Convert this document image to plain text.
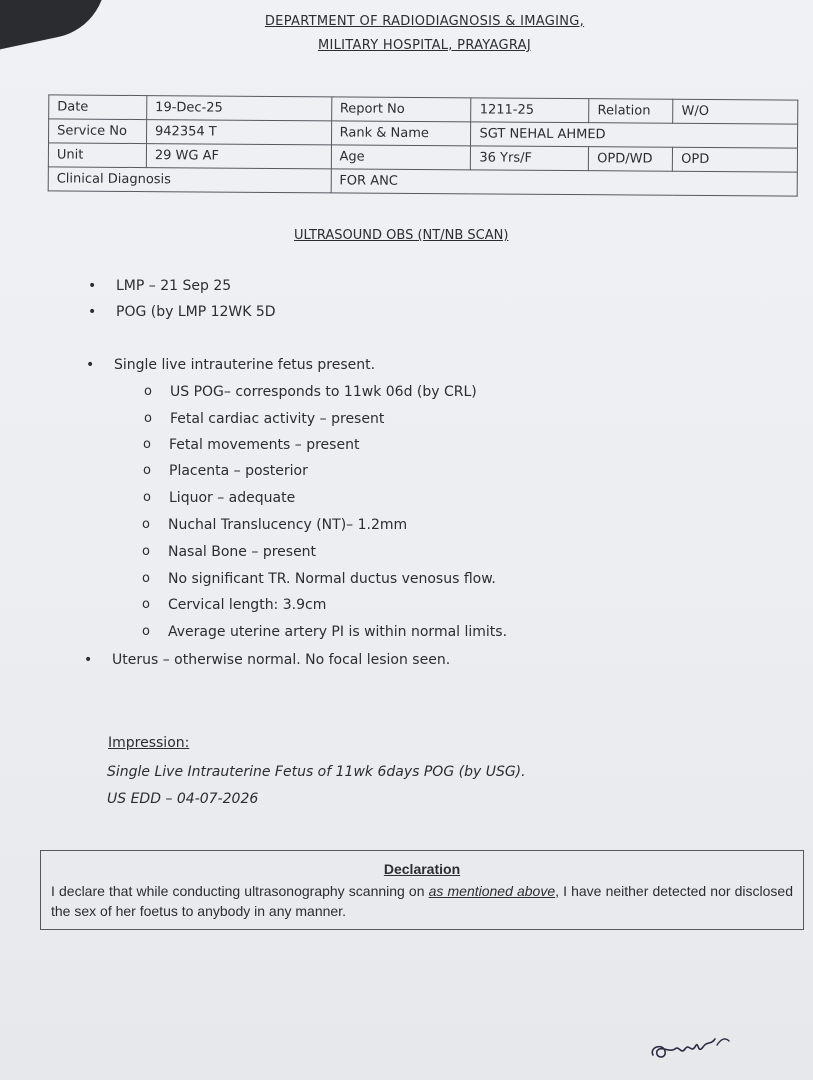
DEPARTMENT OF RADIODIAGNOSIS & IMAGING,
MILITARY HOSPITAL, PRAYAGRAJ
Date	19-Dec-25	Report No	1211-25	Relation	W/O
Service No	942354 T	Rank & Name	SGT NEHAL AHMED		
Unit	29 WG AF	Age	36 Yrs/F	OPD/WD	OPD
Clinical Diagnosis		FOR ANC			
ULTRASOUND OBS (NT/NB SCAN)
• LMP – 21 Sep 25
• POG (by LMP 12WK 5D
• Single live intrauterine fetus present.
o US POG– corresponds to 11wk 06d (by CRL)
o Fetal cardiac activity – present
o Fetal movements – present
o Placenta – posterior
o Liquor – adequate
o Nuchal Translucency (NT)– 1.2mm
o Nasal Bone – present
o No significant TR. Normal ductus venosus flow.
o Cervical length: 3.9cm
o Average uterine artery PI is within normal limits.
• Uterus – otherwise normal. No focal lesion seen.
Impression:
Single Live Intrauterine Fetus of 11wk 6days POG (by USG).
US EDD – 04-07-2026
Declaration
I declare that while conducting ultrasonography scanning on as mentioned above, I have neither detected nor disclosed the sex of her foetus to anybody in any manner.
